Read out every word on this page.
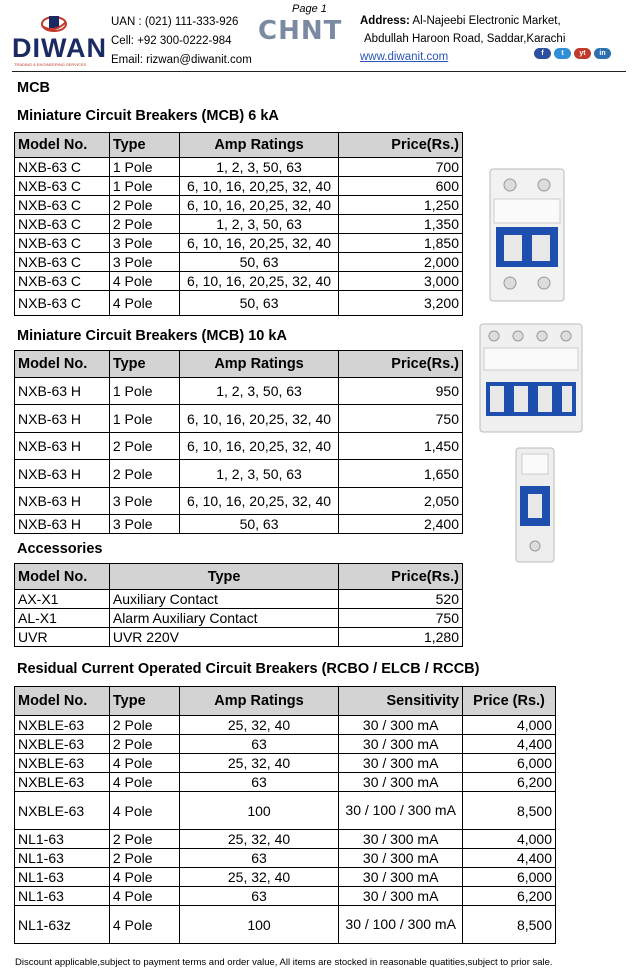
DIWAN
TRADING & ENGINEERING SERVICES
UAN : (021) 111-333-926
Cell: +92 300-0222-984
Email: rizwan@diwanit.com
Page 1
CHNT Address: Al-Najeebi Electronic Market,
Abdullah Haroon Road, Saddar,Karachi
www.diwanit.com	f	t	yt	in
MCB
Miniature Circuit Breakers (MCB) 6 kA
Model No.	Type	Amp Ratings	Price(Rs.)
NXB-63 C	1 Pole	1, 2, 3, 50, 63	700
NXB-63 C	1 Pole	6, 10, 16, 20,25, 32, 40	600
NXB-63 C	2 Pole	6, 10, 16, 20,25, 32, 40	1,250
NXB-63 C	2 Pole	1, 2, 3, 50, 63	1,350
NXB-63 C	3 Pole	6, 10, 16, 20,25, 32, 40	1,850
NXB-63 C	3 Pole	50, 63	2,000
NXB-63 C	4 Pole	6, 10, 16, 20,25, 32, 40	3,000
NXB-63 C	4 Pole	50, 63	3,200
Miniature Circuit Breakers (MCB) 10 kA
Model No.	Type	Amp Ratings	Price(Rs.)
NXB-63 H	1 Pole	1, 2, 3, 50, 63	950
NXB-63 H	1 Pole	6, 10, 16, 20,25, 32, 40	750
NXB-63 H	2 Pole	6, 10, 16, 20,25, 32, 40	1,450
NXB-63 H	2 Pole	1, 2, 3, 50, 63	1,650
NXB-63 H	3 Pole	6, 10, 16, 20,25, 32, 40	2,050
NXB-63 H	3 Pole	50, 63	2,400
Accessories
Model No.	Type	Price(Rs.)
AX-X1	Auxiliary Contact	520
AL-X1	Alarm Auxiliary Contact	750
UVR	UVR 220V	1,280
Residual Current Operated Circuit Breakers (RCBO / ELCB / RCCB)
Model No.	Type	Amp Ratings	Sensitivity	Price (Rs.)
NXBLE-63	2 Pole	25, 32, 40	30 / 300 mA	4,000
NXBLE-63	2 Pole	63	30 / 300 mA	4,400
NXBLE-63	4 Pole	25, 32, 40	30 / 300 mA	6,000
NXBLE-63	4 Pole	63	30 / 300 mA	6,200
NXBLE-63	4 Pole	100	30 / 100 / 300 mA	8,500
NL1-63	2 Pole	25, 32, 40	30 / 300 mA	4,000
NL1-63	2 Pole	63	30 / 300 mA	4,400
NL1-63	4 Pole	25, 32, 40	30 / 300 mA	6,000
NL1-63	4 Pole	63	30 / 300 mA	6,200
NL1-63z	4 Pole	100	30 / 100 / 300 mA	8,500
Discount applicable,subject to payment terms and order value, All items are stocked in reasonable quatities,subject to prior sale.
